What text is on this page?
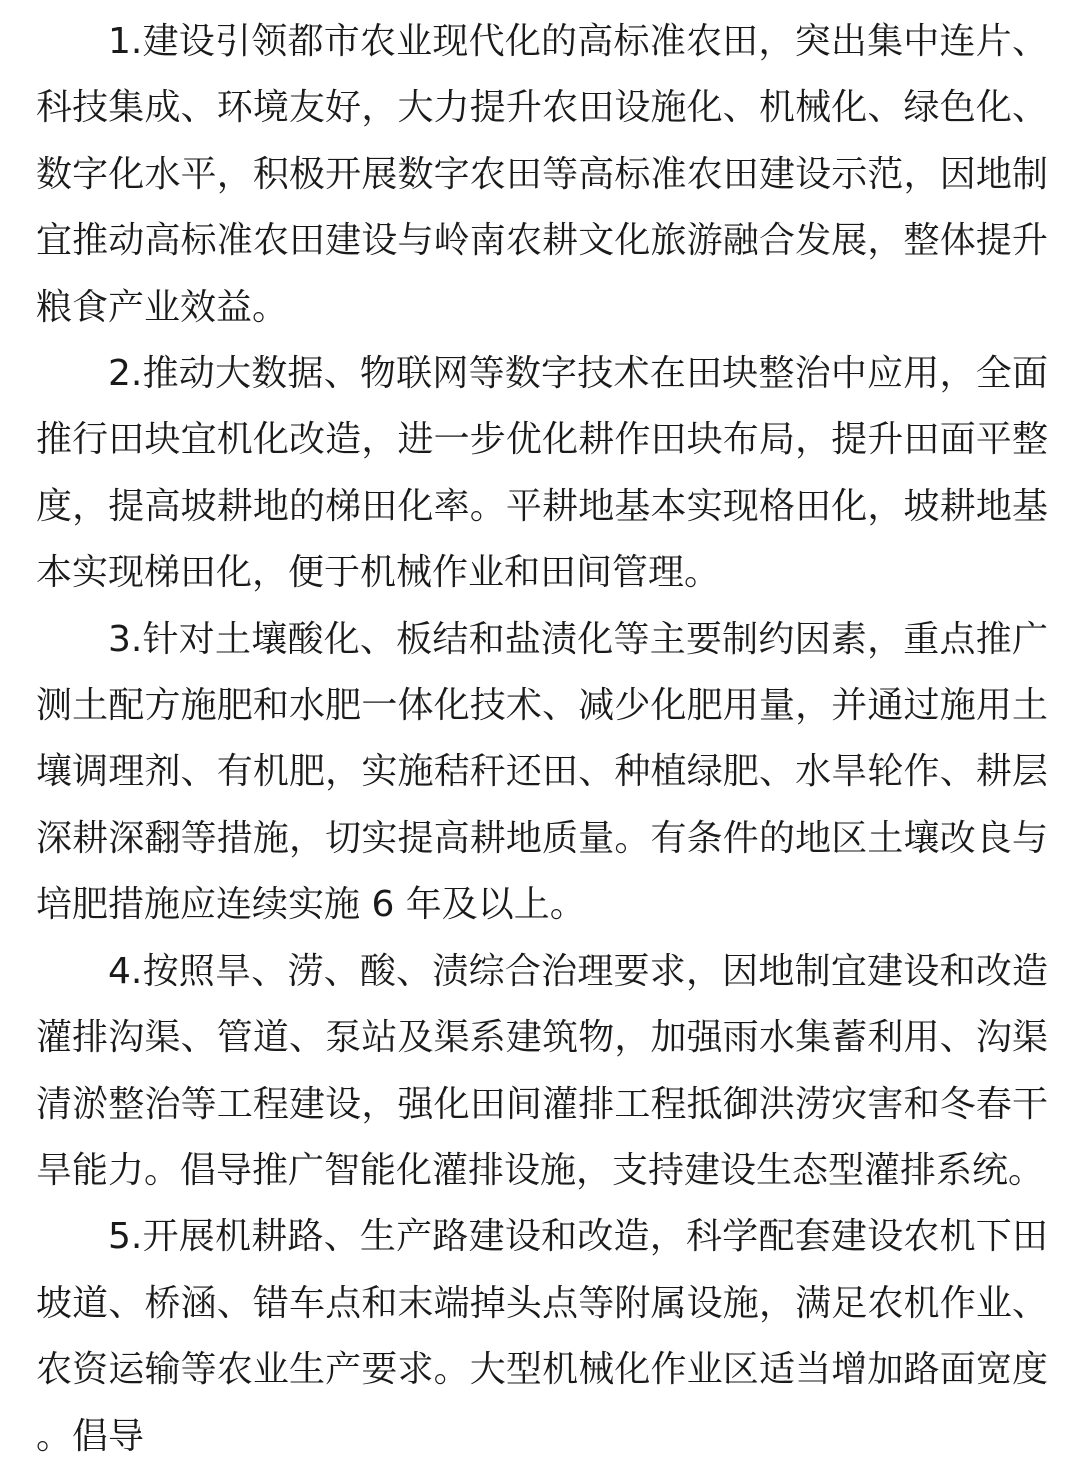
1.建设引领都市农业现代化的高标准农田，突出集中连片、科技集成、环境友好，大力提升农田设施化、机械化、绿色化、数字化水平，积极开展数字农田等高标准农田建设示范，因地制宜推动高标准农田建设与岭南农耕文化旅游融合发展，整体提升粮食产业效益。

2.推动大数据、物联网等数字技术在田块整治中应用，全面推行田块宜机化改造，进一步优化耕作田块布局，提升田面平整度，提高坡耕地的梯田化率。平耕地基本实现格田化，坡耕地基本实现梯田化，便于机械作业和田间管理。

3.针对土壤酸化、板结和盐渍化等主要制约因素，重点推广测土配方施肥和水肥一体化技术、减少化肥用量，并通过施用土壤调理剂、有机肥，实施秸秆还田、种植绿肥、水旱轮作、耕层深耕深翻等措施，切实提高耕地质量。有条件的地区土壤改良与培肥措施应连续实施 6 年及以上。

4.按照旱、涝、酸、渍综合治理要求，因地制宜建设和改造灌排沟渠、管道、泵站及渠系建筑物，加强雨水集蓄利用、沟渠清淤整治等工程建设，强化田间灌排工程抵御洪涝灾害和冬春干旱能力。倡导推广智能化灌排设施，支持建设生态型灌排系统。

5.开展机耕路、生产路建设和改造，科学配套建设农机下田坡道、桥涵、错车点和末端掉头点等附属设施，满足农机作业、农资运输等农业生产要求。大型机械化作业区适当增加路面宽度。倡导
